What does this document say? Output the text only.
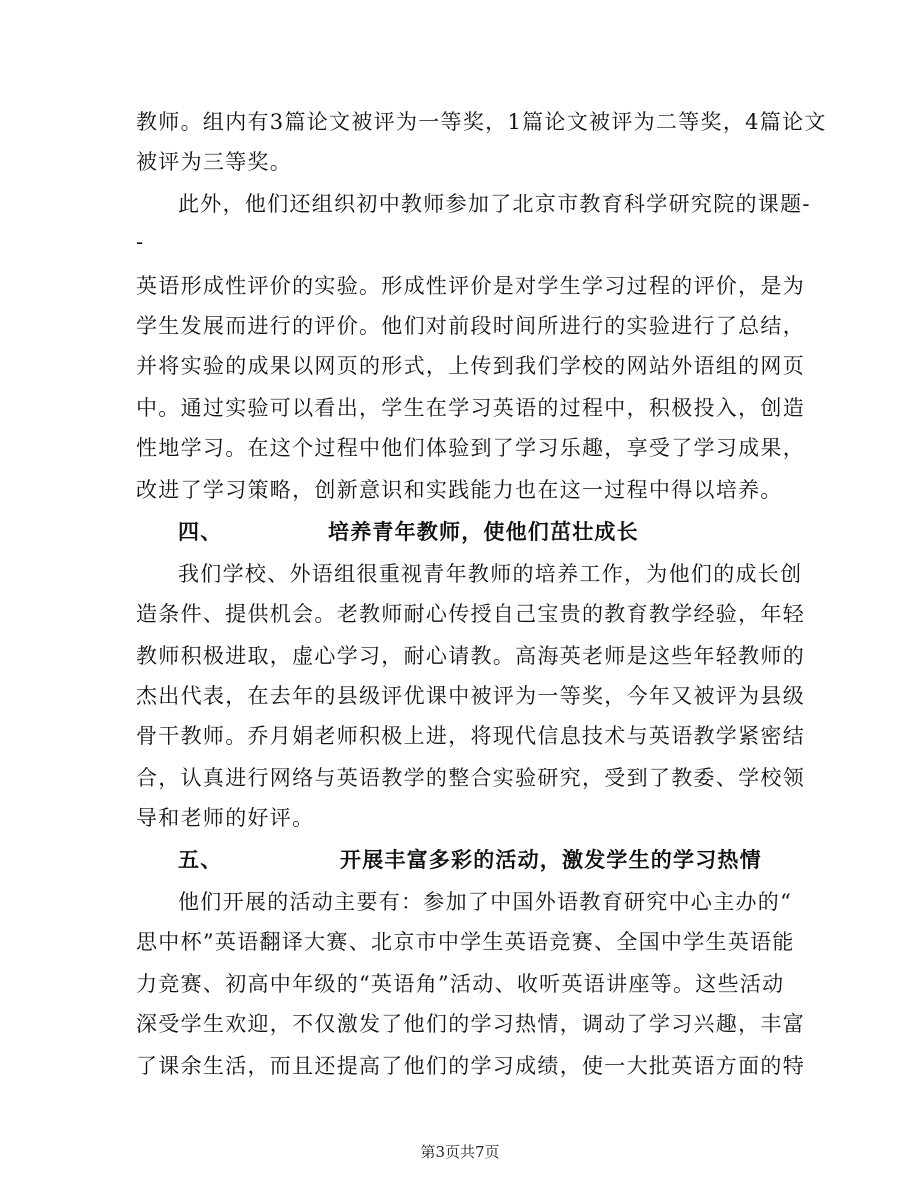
教师。组内有3篇论文被评为一等奖，1篇论文被评为二等奖，4篇论文
被评为三等奖。
此外，他们还组织初中教师参加了北京市教育科学研究院的课题-
-
英语形成性评价的实验。形成性评价是对学生学习过程的评价，是为
学生发展而进行的评价。他们对前段时间所进行的实验进行了总结，
并将实验的成果以网页的形式，上传到我们学校的网站外语组的网页
中。通过实验可以看出，学生在学习英语的过程中，积极投入，创造
性地学习。在这个过程中他们体验到了学习乐趣，享受了学习成果，
改进了学习策略，创新意识和实践能力也在这一过程中得以培养。
四、	培养青年教师，使他们茁壮成长
我们学校、外语组很重视青年教师的培养工作，为他们的成长创
造条件、提供机会。老教师耐心传授自己宝贵的教育教学经验，年轻
教师积极进取，虚心学习，耐心请教。高海英老师是这些年轻教师的
杰出代表，在去年的县级评优课中被评为一等奖，今年又被评为县级
骨干教师。乔月娟老师积极上进，将现代信息技术与英语教学紧密结
合，认真进行网络与英语教学的整合实验研究，受到了教委、学校领
导和老师的好评。
五、	开展丰富多彩的活动，激发学生的学习热情
他们开展的活动主要有：参加了中国外语教育研究中心主办的“
思中杯”英语翻译大赛、北京市中学生英语竞赛、全国中学生英语能
力竞赛、初高中年级的“英语角”活动、收听英语讲座等。这些活动
深受学生欢迎，不仅激发了他们的学习热情，调动了学习兴趣，丰富
了课余生活，而且还提高了他们的学习成绩，使一大批英语方面的特
第3页共7页
